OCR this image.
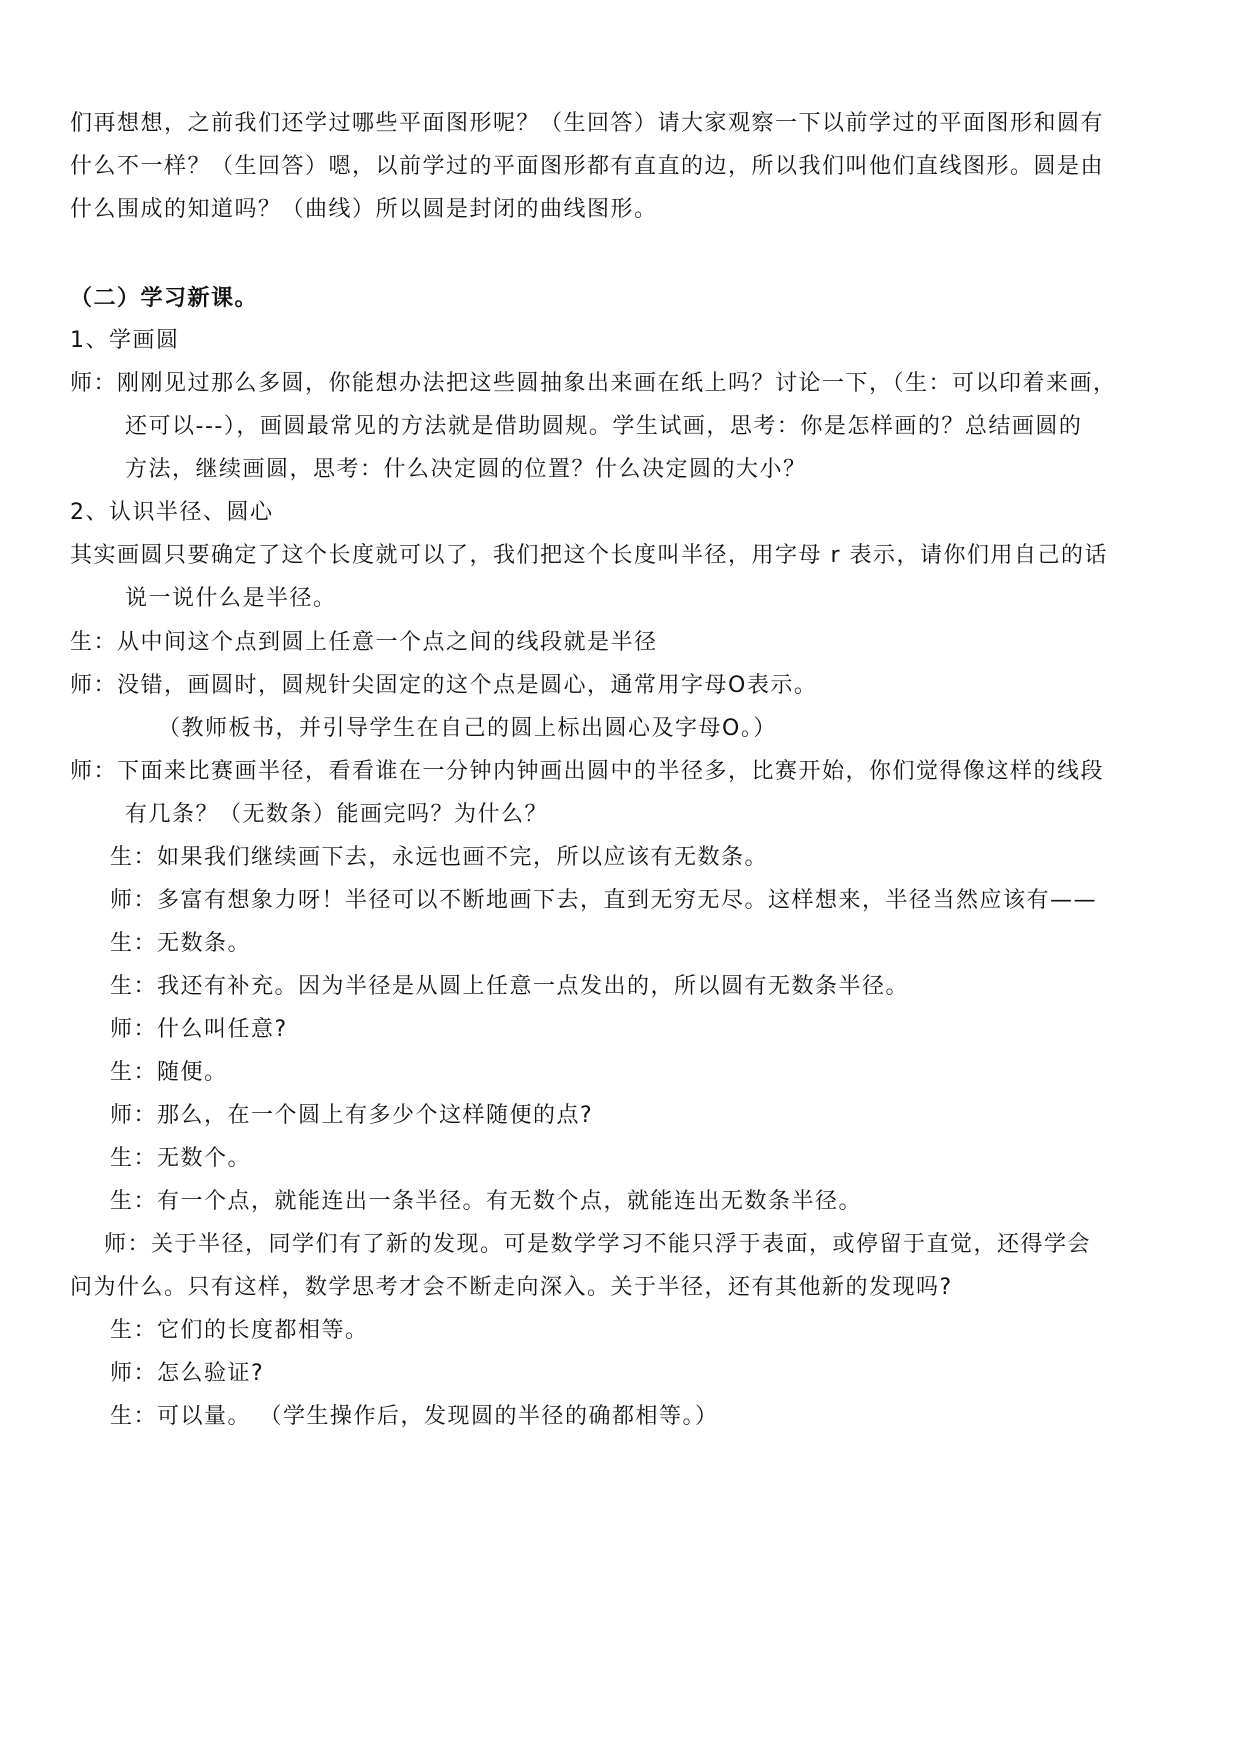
们再想想，之前我们还学过哪些平面图形呢？（生回答）请大家观察一下以前学过的平面图形和圆有
什么不一样？（生回答）嗯，以前学过的平面图形都有直直的边，所以我们叫他们直线图形。圆是由
什么围成的知道吗？（曲线）所以圆是封闭的曲线图形。
（二）学习新课。
1、学画圆
师：刚刚见过那么多圆，你能想办法把这些圆抽象出来画在纸上吗？讨论一下，（生：可以印着来画，
还可以---），画圆最常见的方法就是借助圆规。学生试画，思考：你是怎样画的？总结画圆的
方法，继续画圆，思考：什么决定圆的位置？什么决定圆的大小？
2、认识半径、圆心
其实画圆只要确定了这个长度就可以了，我们把这个长度叫半径，用字母 r 表示，请你们用自己的话
说一说什么是半径。
生：从中间这个点到圆上任意一个点之间的线段就是半径
师：没错，画圆时，圆规针尖固定的这个点是圆心，通常用字母O表示。
（教师板书，并引导学生在自己的圆上标出圆心及字母O。）
师：下面来比赛画半径，看看谁在一分钟内钟画出圆中的半径多，比赛开始，你们觉得像这样的线段
有几条？（无数条）能画完吗？为什么？
生：如果我们继续画下去，永远也画不完，所以应该有无数条。
师：多富有想象力呀！半径可以不断地画下去，直到无穷无尽。这样想来，半径当然应该有——
生：无数条。
生：我还有补充。因为半径是从圆上任意一点发出的，所以圆有无数条半径。
师：什么叫任意?
生：随便。
师：那么，在一个圆上有多少个这样随便的点?
生：无数个。
生：有一个点，就能连出一条半径。有无数个点，就能连出无数条半径。
师：关于半径，同学们有了新的发现。可是数学学习不能只浮于表面，或停留于直觉，还得学会
问为什么。只有这样，数学思考才会不断走向深入。关于半径，还有其他新的发现吗?
生：它们的长度都相等。
师：怎么验证?
生：可以量。 （学生操作后，发现圆的半径的确都相等。）
